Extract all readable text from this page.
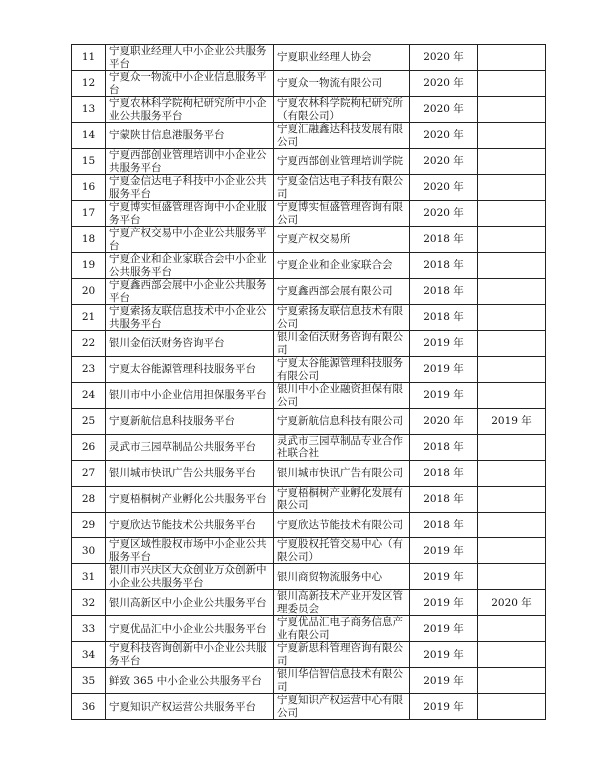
11	宁夏职业经理人中小企业公共服务平台	宁夏职业经理人协会	2020 年	
12	宁夏众一物流中小企业信息服务平台	宁夏众一物流有限公司	2020 年	
13	宁夏农林科学院枸杞研究所中小企业公共服务平台	宁夏农林科学院枸杞研究所（有限公司）	2020 年	
14	宁蒙陕甘信息港服务平台	宁夏汇融鑫达科技发展有限公司	2020 年	
15	宁夏西部创业管理培训中小企业公共服务平台	宁夏西部创业管理培训学院	2020 年	
16	宁夏金信达电子科技中小企业公共服务平台	宁夏金信达电子科技有限公司	2020 年	
17	宁夏博实恒盛管理咨询中小企业服务平台	宁夏博实恒盛管理咨询有限公司	2020 年	
18	宁夏产权交易中小企业公共服务平台	宁夏产权交易所	2018 年	
19	宁夏企业和企业家联合会中小企业公共服务平台	宁夏企业和企业家联合会	2018 年	
20	宁夏鑫西部会展中小企业公共服务平台	宁夏鑫西部会展有限公司	2018 年	
21	宁夏索扬友联信息技术中小企业公共服务平台	宁夏索扬友联信息技术有限公司	2018 年	
22	银川金佰沃财务咨询平台	银川金佰沃财务咨询有限公司	2019 年	
23	宁夏太谷能源管理科技服务平台	宁夏太谷能源管理科技服务有限公司	2019 年	
24	银川市中小企业信用担保服务平台	银川中小企业融资担保有限公司	2019 年	
25	宁夏新航信息科技服务平台	宁夏新航信息科技有限公司	2020 年	2019 年
26	灵武市三园草制品公共服务平台	灵武市三园草制品专业合作社联合社	2018 年	
27	银川城市快讯广告公共服务平台	银川城市快讯广告有限公司	2018 年	
28	宁夏梧桐树产业孵化公共服务平台	宁夏梧桐树产业孵化发展有限公司	2018 年	
29	宁夏欣达节能技术公共服务平台	宁夏欣达节能技术有限公司	2018 年	
30	宁夏区域性股权市场中小企业公共服务平台	宁夏股权托管交易中心（有限公司）	2019 年	
31	银川市兴庆区大众创业万众创新中小企业公共服务平台	银川商贸物流服务中心	2019 年	
32	银川高新区中小企业公共服务平台	银川高新技术产业开发区管理委员会	2019 年	2020 年
33	宁夏优品汇中小企业公共服务平台	宁夏优品汇电子商务信息产业有限公司	2019 年	
34	宁夏科技咨询创新中小企业公共服务平台	宁夏新思科管理咨询有限公司	2019 年	
35	鲜致 365 中小企业公共服务平台	银川华信智信息技术有限公司	2019 年	
36	宁夏知识产权运营公共服务平台	宁夏知识产权运营中心有限公司	2019 年	
